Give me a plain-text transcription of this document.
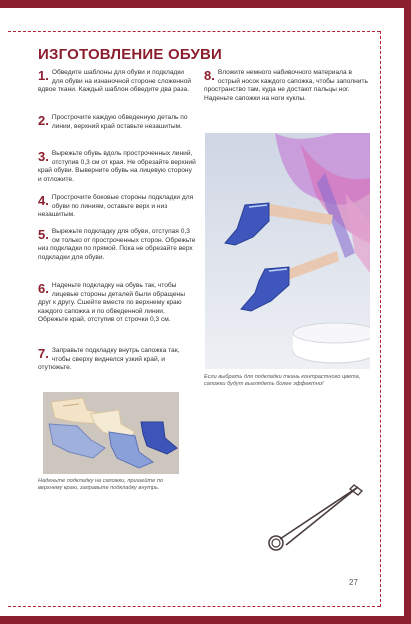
ИЗГОТОВЛЕНИЕ ОБУВИ
1. Обведите шаблоны для обуви и подкладки для обуви на изнаночной стороне сложенной вдвое ткани. Каждый шаблон обведите два раза.
2. Прострочите каждую обведенную деталь по линии, верхний край оставьте незашитым.
3. Вырежьте обувь вдоль простроченных линий, отступив 0,3 см от края. Не обрезайте верхний край обуви. Выверните обувь на лицевую сторону и отложите.
4. Прострочите боковые стороны подкладки для обуви по линиям, оставьте верх и низ незашитым.
5. Вырежьте подкладку для обуви, отступая 0,3 см только от простроченных сторон. Обрежьте низ подкладки по прямой. Пока не обрезайте верх подкладки для обуви.
6. Наденьте подкладку на обувь так, чтобы лицевые стороны деталей были обращены друг к другу. Сшейте вместе по верхнему краю каждого сапожка и по обведенной линии. Обрежьте край, отступив от строчки 0,3 см.
7. Заправьте подкладку внутрь сапожка так, чтобы сверху виднелся узкий край, и отутюжьте.
8. Вложите немного набивочного материала в острый носок каждого сапожка, чтобы заполнить пространство там, куда не достают пальцы ног. Наденьте сапожки на ноги куклы.
Наденьте подкладку на сапожки, пришейте по верхнему краю, заправьте подкладку внутрь.
Если выбрать для подкладки ткань контрастного цвета, сапожки будут выглядеть более эффектно!
27
